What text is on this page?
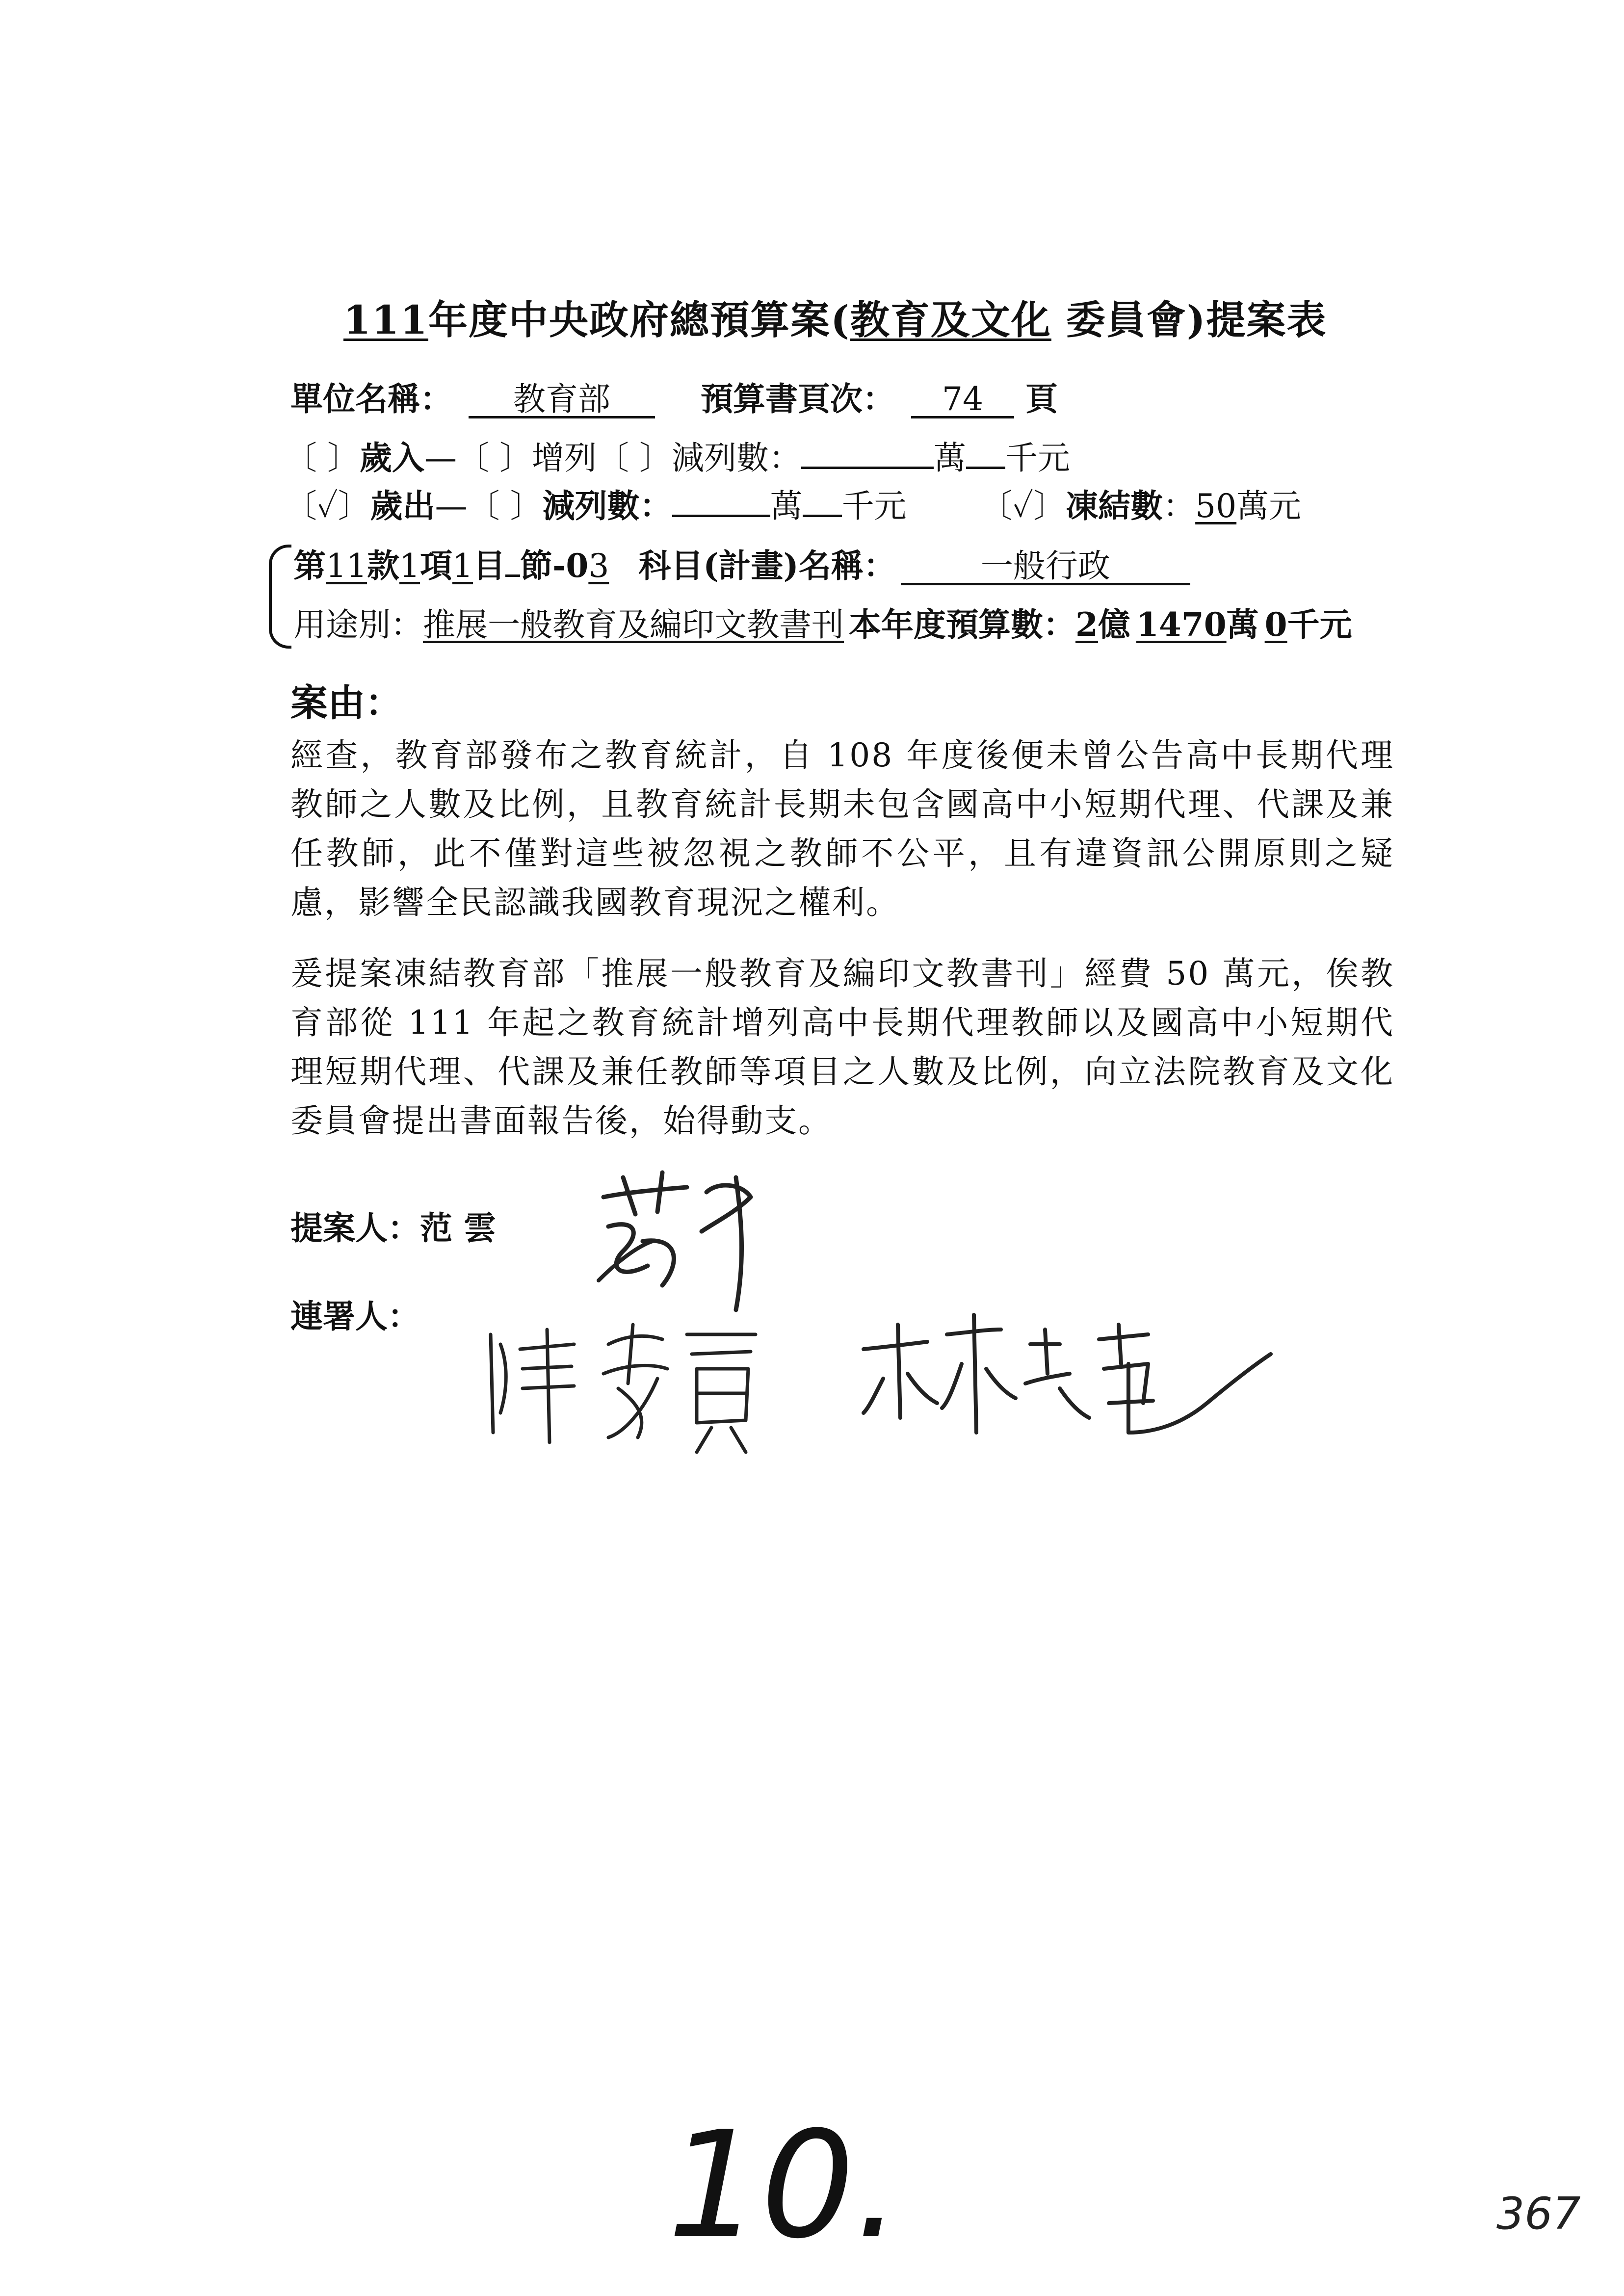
111年度中央政府總預算案(教育及文化 委員會)提案表
單位名稱： 教育部	預算書頁次： 74 頁
〔 〕歲入—〔 〕增列〔 〕減列數：	萬 千元
〔✓〕歲出—〔 〕減列數：	萬 千元 〔✓〕凍結數：50萬元
第11款1項1目 節-03 科目(計畫)名稱：	一般行政
用途別：推展一般教育及編印文教書刊 本年度預算數：2億 1470萬 0千元
案由：
經查，教育部發布之教育統計，自 108 年度後便未曾公告高中長期代理教師之人數及比例，且教育統計長期未包含國高中小短期代理、代課及兼任教師，此不僅對這些被忽視之教師不公平，且有違資訊公開原則之疑慮，影響全民認識我國教育現況之權利。
爰提案凍結教育部「推展一般教育及編印文教書刊」經費 50 萬元，俟教育部從 111 年起之教育統計增列高中長期代理教師以及國高中小短期代理短期代理、代課及兼任教師等項目之人數及比例，向立法院教育及文化委員會提出書面報告後，始得動支。
提案人：范 雲
連署人：
10.	367
